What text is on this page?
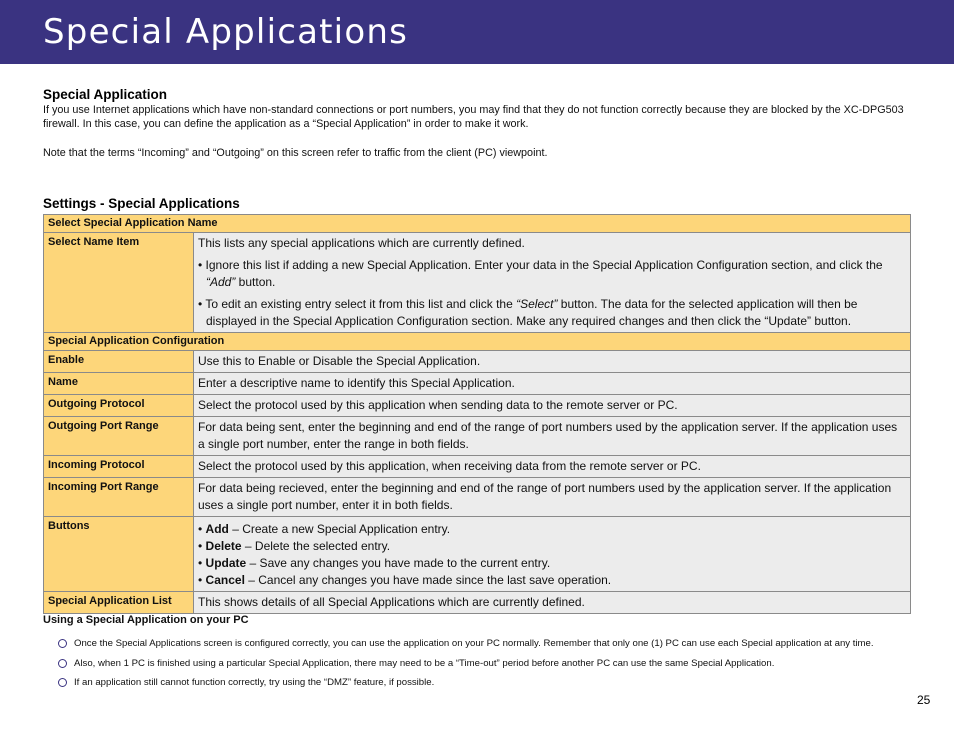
Special Applications
Special Application
If you use Internet applications which have non-standard connections or port numbers, you may find that they do not function correctly because they are blocked by the XC-DPG503 firewall. In this case, you can define the application as a “Special Application” in order to make it work.
Note that the terms “Incoming” and “Outgoing” on this screen refer to traffic from the client (PC) viewpoint.
Settings - Special Applications
Select Special Application Name	
Select Name Item	This lists any special applications which are currently defined.

• Ignore this list if adding a new Special Application. Enter your data in the Special Application Configuration section, and click the “Add” button.

• To edit an existing entry select it from this list and click the “Select” button. The data for the selected application will then be displayed in the Special Application Configuration section. Make any required changes and then click the “Update” button.

Special Application Configuration	
Enable	Use this to Enable or Disable the Special Application.
Name	Enter a descriptive name to identify this Special Application.
Outgoing Protocol	Select the protocol used by this application when sending data to the remote server or PC.
Outgoing Port Range	For data being sent, enter the beginning and end of the range of port numbers used by the application server. If the application uses a single port number, enter the range in both fields.
Incoming Protocol	Select the protocol used by this application, when receiving data from the remote server or PC.
Incoming Port Range	For data being recieved, enter the beginning and end of the range of port numbers used by the application server. If the application uses a single port number, enter it in both fields.
Buttons	• Add – Create a new Special Application entry.

• Delete – Delete the selected entry.

• Update – Save any changes you have made to the current entry.

• Cancel – Cancel any changes you have made since the last save operation.

Special Application List	This shows details of all Special Applications which are currently defined.
Using a Special Application on your PC
Once the Special Applications screen is configured correctly, you can use the application on your PC normally. Remember that only one (1) PC can use each Special application at any time.
Also, when 1 PC is finished using a particular Special Application, there may need to be a “Time-out” period before another PC can use the same Special Application.
If an application still cannot function correctly, try using the “DMZ” feature, if possible.
25
